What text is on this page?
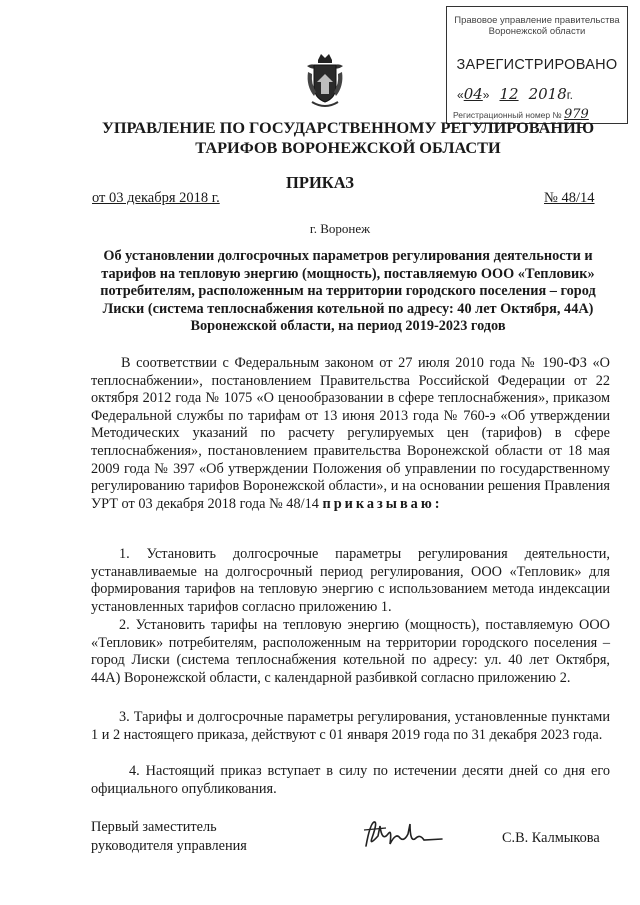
Правовое управление правительства
Воронежской области
ЗАРЕГИСТРИРОВАНО
«04»   12 2018г.
Регистрационный номер № 979
УПРАВЛЕНИЕ ПО ГОСУДАРСТВЕННОМУ РЕГУЛИРОВАНИЮ
ТАРИФОВ ВОРОНЕЖСКОЙ ОБЛАСТИ
ПРИКАЗ
от 03 декабря 2018 г.	№ 48/14
г. Воронеж
Об установлении долгосрочных параметров регулирования деятельности и тарифов на тепловую энергию (мощность), поставляемую ООО «Тепловик» потребителям, расположенным на территории городского поселения – город Лиски (система теплоснабжения котельной по адресу: 40 лет Октября, 44А) Воронежской области, на период 2019-2023 годов
В соответствии с Федеральным законом от 27 июля 2010 года № 190-ФЗ «О теплоснабжении», постановлением Правительства Российской Федерации от 22 октября 2012 года № 1075 «О ценообразовании в сфере теплоснабжения», приказом Федеральной службы по тарифам от 13 июня 2013 года № 760-э «Об утверждении Методических указаний по расчету регулируемых цен (тарифов) в сфере теплоснабжения», постановлением правительства Воронежской области от 18 мая 2009 года № 397 «Об утверждении Положения об управлении по государственному регулированию тарифов Воронежской области», и на основании решения Правления УРТ от 03 декабря 2018 года № 48/14 приказываю:
1. Установить долгосрочные параметры регулирования деятельности, устанавливаемые на долгосрочный период регулирования, ООО «Тепловик» для формирования тарифов на тепловую энергию с использованием метода индексации установленных тарифов согласно приложению 1.
2. Установить тарифы на тепловую энергию (мощность), поставляемую ООО «Тепловик» потребителям, расположенным на территории городского поселения – город Лиски (система теплоснабжения котельной по адресу: ул. 40 лет Октября, 44А) Воронежской области, с календарной разбивкой согласно приложению 2.
3. Тарифы и долгосрочные параметры регулирования, установленные пунктами 1 и 2 настоящего приказа, действуют с 01 января 2019 года по 31 декабря 2023 года.
4. Настоящий приказ вступает в силу по истечении десяти дней со дня его официального опубликования.
Первый заместитель
руководителя управления	С.В. Калмыкова
